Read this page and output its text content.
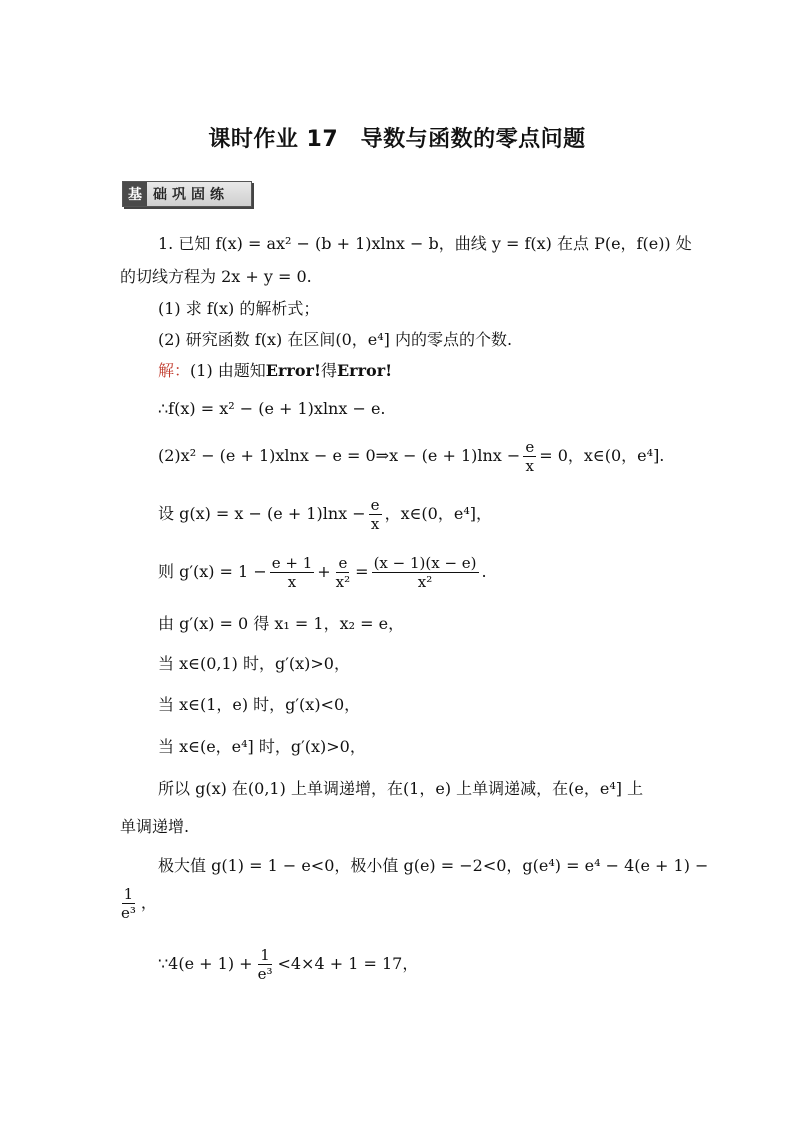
课时作业 17　导数与函数的零点问题
基 础巩固练
1. 已知 f(x) = ax² − (b + 1)xlnx − b，曲线 y = f(x) 在点 P(e，f(e)) 处
的切线方程为 2x + y = 0.
(1) 求 f(x) 的解析式；
(2) 研究函数 f(x) 在区间(0，e⁴] 内的零点的个数.
解：(1) 由题知Error!得Error!
∴f(x) = x² − (e + 1)xlnx − e.
(2)x² − (e + 1)xlnx − e = 0⇒x − $(e + 1)\ln x - \frac{e}{x} = 0$，x∈(0，e⁴].
设 $g(x) = x - (e + 1)\ln x - \frac{e}{x}$ ，x∈(0，e⁴]，
则 $g'(x) = 1 - \frac{e + 1}{x} + \frac{e}{\text{x²}} = \frac{(x - 1)(x - e)}{\text{x²}}$ .
由 g′(x) = 0 得 x₁ = 1，x₂ = e，
当 x∈(0,1) 时，g′(x)>0，
当 x∈(1，e) 时，g′(x)<0，
当 x∈(e，e⁴] 时，g′(x)>0，
所以 g(x) 在(0,1) 上单调递增，在(1，e) 上单调递减，在(e，e⁴] 上
单调递增.
极大值 g(1) = 1 − e<0，极小值 g(e) = −2<0，g(e⁴) = e⁴ − 4(e + 1) −
$\frac{1}{\text{e³}}$ ，
∵4(e + $1) + \frac{1}{\text{e³}} <4\times 4 + 1 = 17$，
